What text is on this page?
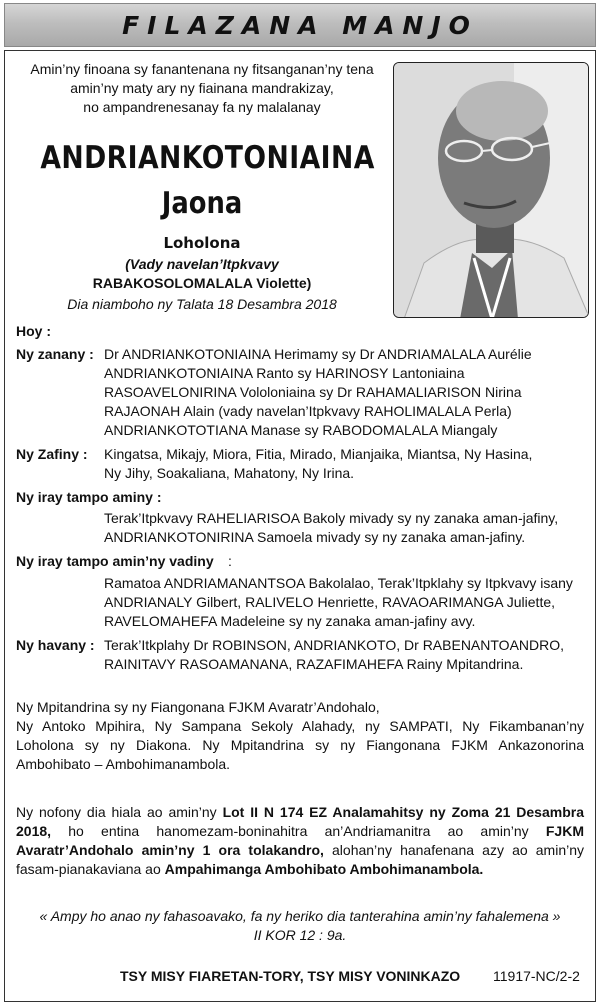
FILAZANA MANJO
Amin’ny finoana sy fanantenana ny fitsanganan’ny tena
amin’ny maty ary ny fiainana mandrakizay,
no ampandrenesanay fa ny malalanay
ANDRIANKOTONIAINA
Jaona
Loholona
(Vady navelan’Itpkvavy
RABAKOSOLOMALALA Violette)
Dia niamboho ny Talata 18 Desambra 2018
Hoy :
Ny zanany : Dr ANDRIANKOTONIAINA Herimamy sy Dr ANDRIAMALALA Aurélie
ANDRIANKOTONIAINA Ranto sy HARINOSY Lantoniaina
RASOAVELONIRINA Vololoniaina sy Dr RAHAMALIARISON Nirina
RAJAONAH Alain (vady navelan’Itpkvavy RAHOLIMALALA Perla)
ANDRIANKOTOTIANA Manase sy RABODOMALALA Miangaly
Ny Zafiny : Kingatsa, Mikajy, Miora, Fitia, Mirado, Mianjaika, Miantsa, Ny Hasina,
Ny Jihy, Soakaliana, Mahatony, Ny Irina.
Ny iray tampo aminy :
Terak’Itpkvavy RAHELIARISOA Bakoly mivady sy ny zanaka aman-jafiny,
ANDRIANKOTONIRINA Samoela mivady sy ny zanaka aman-jafiny.
Ny iray tampo amin’ny vadiny :
Ramatoa ANDRIAMANANTSOA Bakolalao, Terak’Itpklahy sy Itpkvavy isany
ANDRIANALY Gilbert, RALIVELO Henriette, RAVAOARIMANGA Juliette,
RAVELOMAHEFA Madeleine sy ny zanaka aman-jafiny avy.
Ny havany : Terak’Itkplahy Dr ROBINSON, ANDRIANKOTO, Dr RABENANTOANDRO,
RAINITAVY RASOAMANANA, RAZAFIMAHEFA Rainy Mpitandrina.
Ny Mpitandrina sy ny Fiangonana FJKM Avaratr’Andohalo,
Ny Antoko Mpihira, Ny Sampana Sekoly Alahady, ny SAMPATI, Ny Fikambanan’ny Loholona sy ny Diakona. Ny Mpitandrina sy ny Fiangonana FJKM Ankazonorina Ambohibato – Ambohimanambola.
Ny nofony dia hiala ao amin’ny Lot II N 174 EZ Analamahitsy ny Zoma 21 Desambra 2018, ho entina hanomezam-boninahitra an’Andriamanitra ao amin’ny FJKM Avaratr’Andohalo amin’ny 1 ora tolakandro, alohan’ny hanafenana azy ao amin’ny fasam-pianakaviana ao Ampahimanga Ambohibato Ambohimanambola.
« Ampy ho anao ny fahasoavako, fa ny heriko dia tanterahina amin’ny fahalemena »
II KOR 12 : 9a.
TSY MISY FIARETAN-TORY, TSY MISY VONINKAZO 11917-NC/2-2
